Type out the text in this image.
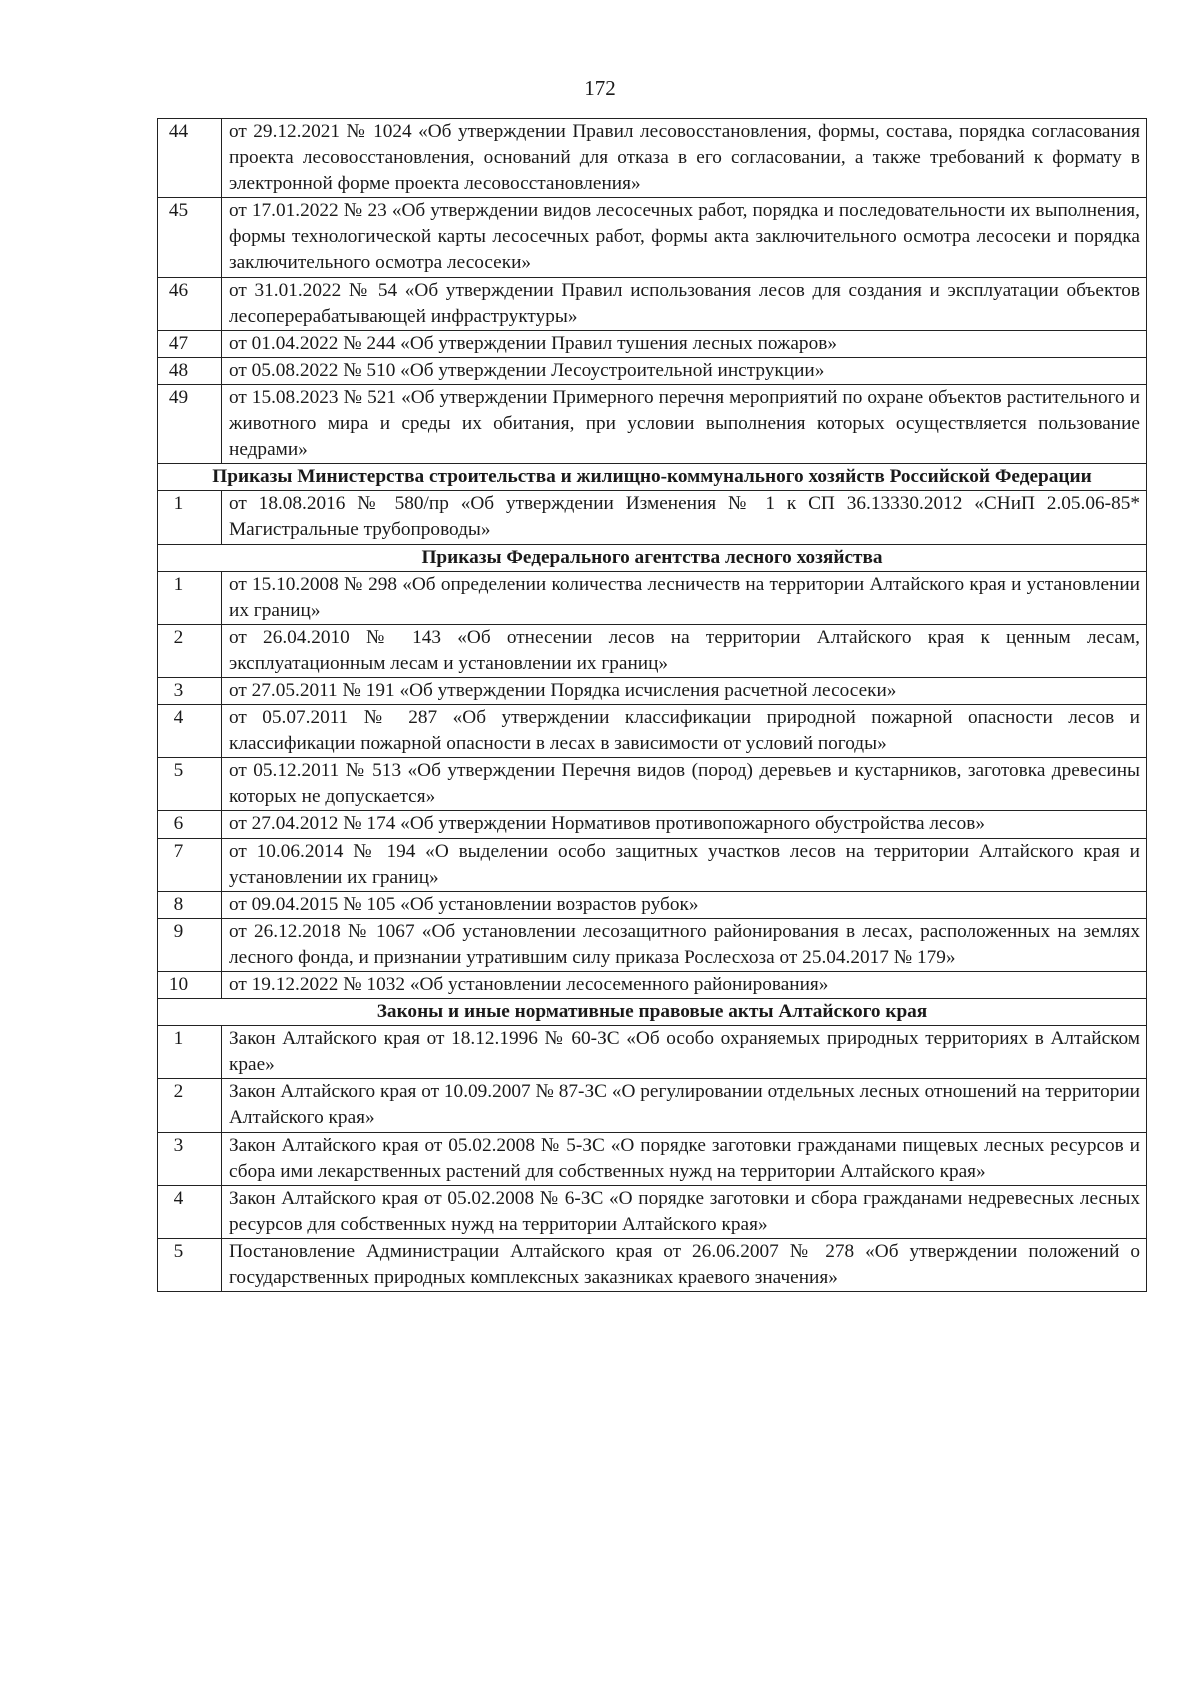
172
44	от 29.12.2021 № 1024 «Об утверждении Правил лесовосстановления, формы, состава, порядка согласования проекта лесовосстановления, оснований для отказа в его согласовании, а также требований к формату в электронной форме проекта лесовосстановления»
45	от 17.01.2022 № 23 «Об утверждении видов лесосечных работ, порядка и последовательности их выполнения, формы технологической карты лесосечных работ, формы акта заключительного осмотра лесосеки и порядка заключительного осмотра лесосеки»
46	от 31.01.2022 № 54 «Об утверждении Правил использования лесов для создания и эксплуатации объектов лесоперерабатывающей инфраструктуры»
47	от 01.04.2022 № 244 «Об утверждении Правил тушения лесных пожаров»
48	от 05.08.2022 № 510 «Об утверждении Лесоустроительной инструкции»
49	от 15.08.2023 № 521 «Об утверждении Примерного перечня мероприятий по охране объектов растительного и животного мира и среды их обитания, при условии выполнения которых осуществляется пользование недрами»
Приказы Министерства строительства и жилищно-коммунального хозяйств Российской Федерации	
1	от 18.08.2016 № 580/пр «Об утверждении Изменения № 1 к СП 36.13330.2012 «СНиП 2.05.06-85* Магистральные трубопроводы»
Приказы Федерального агентства лесного хозяйства	
1	от 15.10.2008 № 298 «Об определении количества лесничеств на территории Алтайского края и установлении их границ»
2	от 26.04.2010 № 143 «Об отнесении лесов на территории Алтайского края к ценным лесам, эксплуатационным лесам и установлении их границ»
3	от 27.05.2011 № 191 «Об утверждении Порядка исчисления расчетной лесосеки»
4	от 05.07.2011 № 287 «Об утверждении классификации природной пожарной опасности лесов и классификации пожарной опасности в лесах в зависимости от условий погоды»
5	от 05.12.2011 № 513 «Об утверждении Перечня видов (пород) деревьев и кустарников, заготовка древесины которых не допускается»
6	от 27.04.2012 № 174 «Об утверждении Нормативов противопожарного обустройства лесов»
7	от 10.06.2014 № 194 «О выделении особо защитных участков лесов на территории Алтайского края и установлении их границ»
8	от 09.04.2015 № 105 «Об установлении возрастов рубок»
9	от 26.12.2018 № 1067 «Об установлении лесозащитного районирования в лесах, расположенных на землях лесного фонда, и признании утратившим силу приказа Рослесхоза от 25.04.2017 № 179»
10	от 19.12.2022 № 1032 «Об установлении лесосеменного районирования»
Законы и иные нормативные правовые акты Алтайского края	
1	Закон Алтайского края от 18.12.1996 № 60-ЗС «Об особо охраняемых природных территориях в Алтайском крае»
2	Закон Алтайского края от 10.09.2007 № 87-ЗС «О регулировании отдельных лесных отношений на территории Алтайского края»
3	Закон Алтайского края от 05.02.2008 № 5-ЗС «О порядке заготовки гражданами пищевых лесных ресурсов и сбора ими лекарственных растений для собственных нужд на территории Алтайского края»
4	Закон Алтайского края от 05.02.2008 № 6-ЗС «О порядке заготовки и сбора гражданами недревесных лесных ресурсов для собственных нужд на территории Алтайского края»
5	Постановление Администрации Алтайского края от 26.06.2007 № 278 «Об утверждении положений о государственных природных комплексных заказниках краевого значения»
